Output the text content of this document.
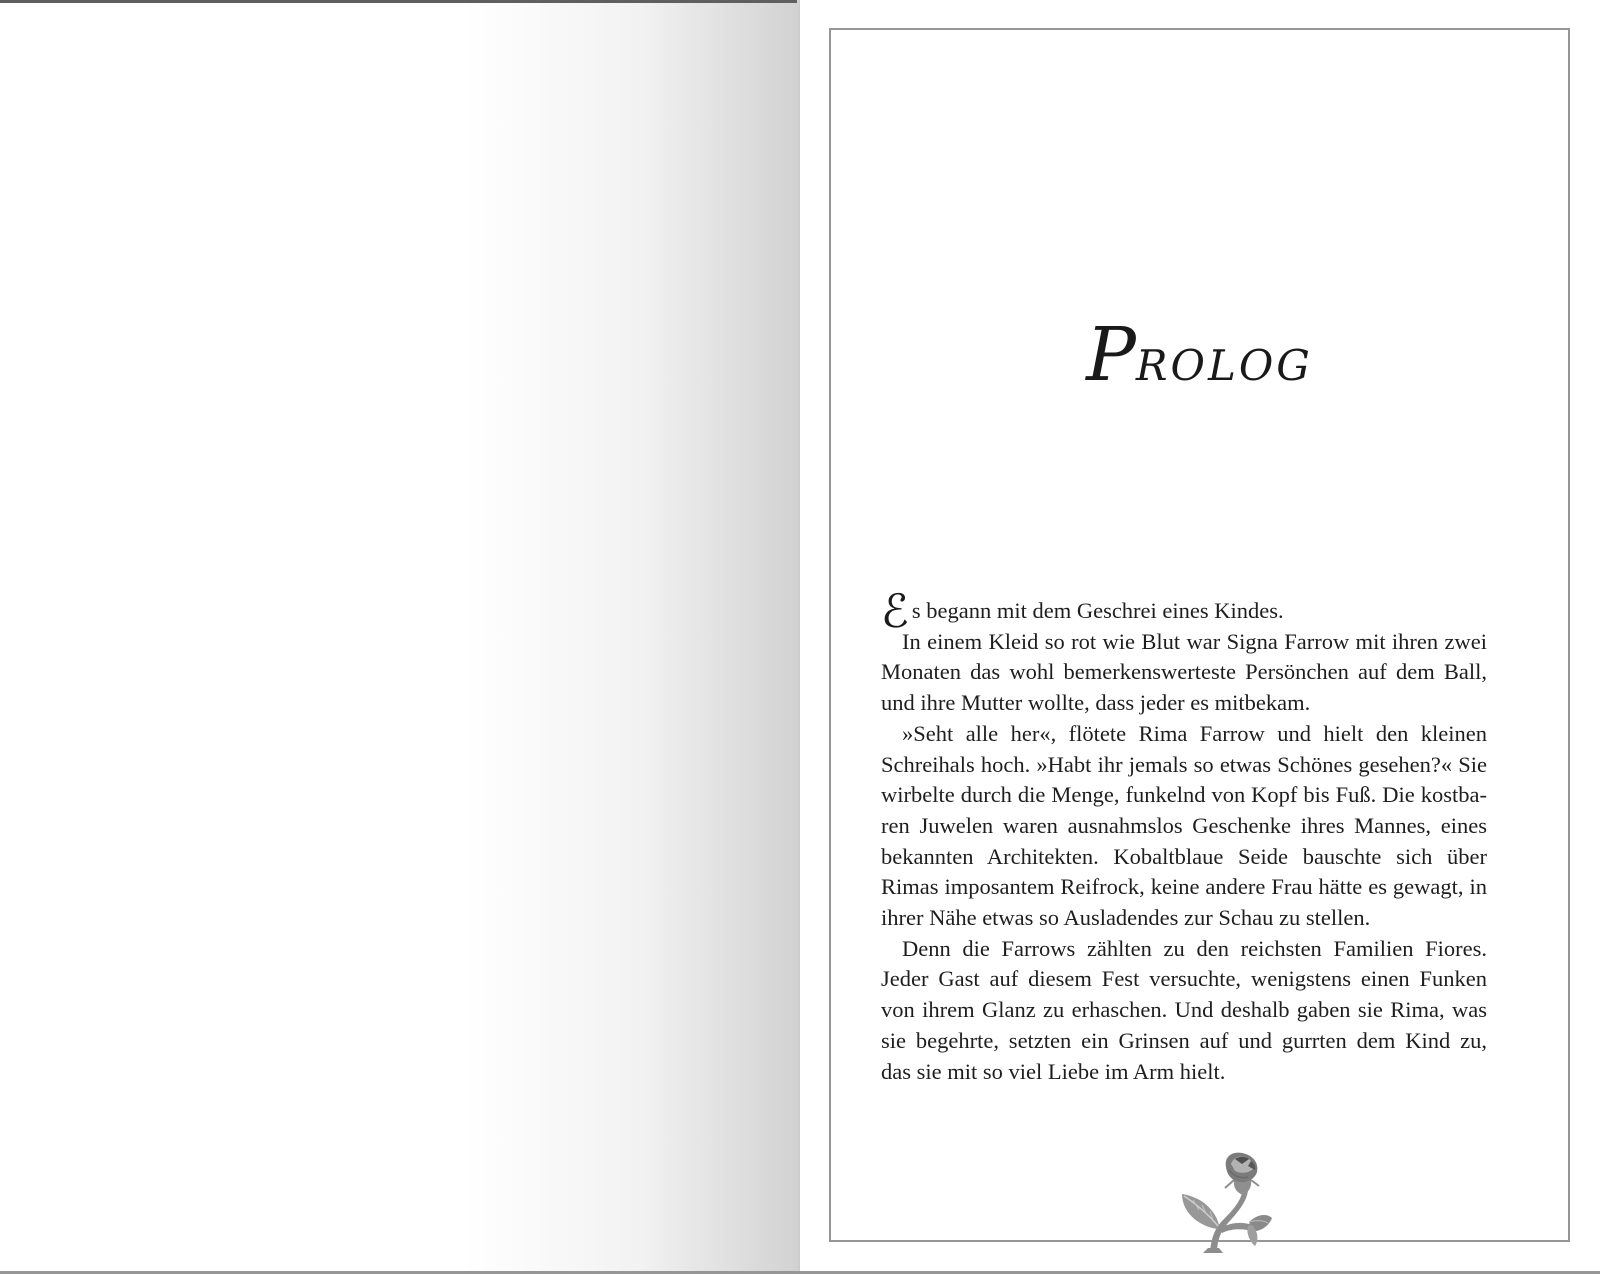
PROLOG
ℰs begann mit dem Geschrei eines Kindes.
In einem Kleid so rot wie Blut war Signa Farrow mit ihren zwei
Monaten das wohl bemerkenswerteste Persönchen auf dem Ball,
und ihre Mutter wollte, dass jeder es mitbekam.
»Seht alle her«, flötete Rima Farrow und hielt den kleinen
Schreihals hoch. »Habt ihr jemals so etwas Schönes gesehen?« Sie
wirbelte durch die Menge, funkelnd von Kopf bis Fuß. Die kostba-
ren Juwelen waren ausnahmslos Geschenke ihres Mannes, eines
bekannten Architekten. Kobaltblaue Seide bauschte sich über
Rimas imposantem Reifrock, keine andere Frau hätte es gewagt, in
ihrer Nähe etwas so Ausladendes zur Schau zu stellen.
Denn die Farrows zählten zu den reichsten Familien Fiores.
Jeder Gast auf diesem Fest versuchte, wenigstens einen Funken
von ihrem Glanz zu erhaschen. Und deshalb gaben sie Rima, was
sie begehrte, setzten ein Grinsen auf und gurrten dem Kind zu,
das sie mit so viel Liebe im Arm hielt.
